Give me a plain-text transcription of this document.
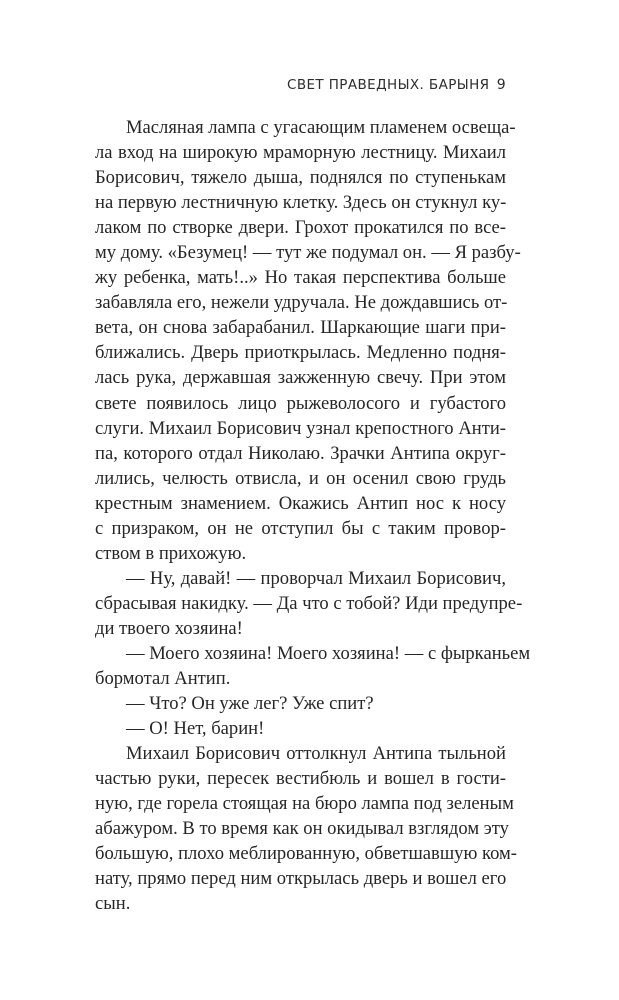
СВЕТ ПРАВЕДНЫХ. БАРЫНЯ 9
Масляная лампа с угасающим пламенем освеща-
ла вход на широкую мраморную лестницу. Михаил
Борисович, тяжело дыша, поднялся по ступенькам
на первую лестничную клетку. Здесь он стукнул ку-
лаком по створке двери. Грохот прокатился по все-
му дому. «Безумец! — тут же подумал он. — Я разбу-
жу ребенка, мать!..» Но такая перспектива больше
забавляла его, нежели удручала. Не дождавшись от-
вета, он снова забарабанил. Шаркающие шаги при-
ближались. Дверь приоткрылась. Медленно подня-
лась рука, державшая зажженную свечу. При этом
свете появилось лицо рыжеволосого и губастого
слуги. Михаил Борисович узнал крепостного Анти-
па, которого отдал Николаю. Зрачки Антипа округ-
лились, челюсть отвисла, и он осенил свою грудь
крестным знамением. Окажись Антип нос к носу
с призраком, он не отступил бы с таким провор-
ством в прихожую.
— Ну, давай! — проворчал Михаил Борисович,
сбрасывая накидку. — Да что с тобой? Иди предупре-
ди твоего хозяина!
— Моего хозяина! Моего хозяина! — с фырканьем
бормотал Антип.
— Что? Он уже лег? Уже спит?
— О! Нет, барин!
Михаил Борисович оттолкнул Антипа тыльной
частью руки, пересек вестибюль и вошел в гости-
ную, где горела стоящая на бюро лампа под зеленым
абажуром. В то время как он окидывал взглядом эту
большую, плохо меблированную, обветшавшую ком-
нату, прямо перед ним открылась дверь и вошел его
сын.
